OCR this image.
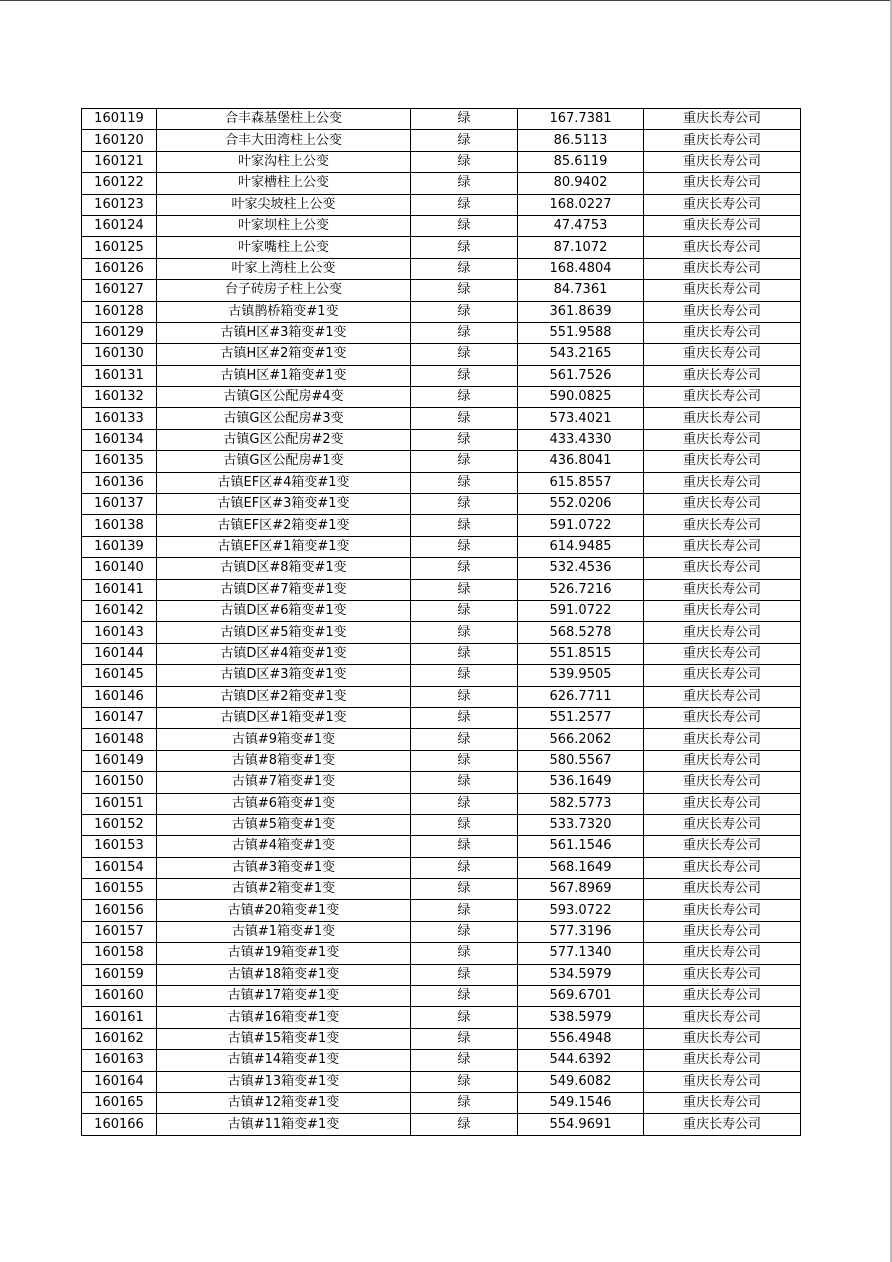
160119	合丰森基堡柱上公变	绿	167.7381	重庆长寿公司
160120	合丰大田湾柱上公变	绿	86.5113	重庆长寿公司
160121	叶家沟柱上公变	绿	85.6119	重庆长寿公司
160122	叶家槽柱上公变	绿	80.9402	重庆长寿公司
160123	叶家尖坡柱上公变	绿	168.0227	重庆长寿公司
160124	叶家坝柱上公变	绿	47.4753	重庆长寿公司
160125	叶家嘴柱上公变	绿	87.1072	重庆长寿公司
160126	叶家上湾柱上公变	绿	168.4804	重庆长寿公司
160127	台子砖房子柱上公变	绿	84.7361	重庆长寿公司
160128	古镇鹊桥箱变#1变	绿	361.8639	重庆长寿公司
160129	古镇H区#3箱变#1变	绿	551.9588	重庆长寿公司
160130	古镇H区#2箱变#1变	绿	543.2165	重庆长寿公司
160131	古镇H区#1箱变#1变	绿	561.7526	重庆长寿公司
160132	古镇G区公配房#4变	绿	590.0825	重庆长寿公司
160133	古镇G区公配房#3变	绿	573.4021	重庆长寿公司
160134	古镇G区公配房#2变	绿	433.4330	重庆长寿公司
160135	古镇G区公配房#1变	绿	436.8041	重庆长寿公司
160136	古镇EF区#4箱变#1变	绿	615.8557	重庆长寿公司
160137	古镇EF区#3箱变#1变	绿	552.0206	重庆长寿公司
160138	古镇EF区#2箱变#1变	绿	591.0722	重庆长寿公司
160139	古镇EF区#1箱变#1变	绿	614.9485	重庆长寿公司
160140	古镇D区#8箱变#1变	绿	532.4536	重庆长寿公司
160141	古镇D区#7箱变#1变	绿	526.7216	重庆长寿公司
160142	古镇D区#6箱变#1变	绿	591.0722	重庆长寿公司
160143	古镇D区#5箱变#1变	绿	568.5278	重庆长寿公司
160144	古镇D区#4箱变#1变	绿	551.8515	重庆长寿公司
160145	古镇D区#3箱变#1变	绿	539.9505	重庆长寿公司
160146	古镇D区#2箱变#1变	绿	626.7711	重庆长寿公司
160147	古镇D区#1箱变#1变	绿	551.2577	重庆长寿公司
160148	古镇#9箱变#1变	绿	566.2062	重庆长寿公司
160149	古镇#8箱变#1变	绿	580.5567	重庆长寿公司
160150	古镇#7箱变#1变	绿	536.1649	重庆长寿公司
160151	古镇#6箱变#1变	绿	582.5773	重庆长寿公司
160152	古镇#5箱变#1变	绿	533.7320	重庆长寿公司
160153	古镇#4箱变#1变	绿	561.1546	重庆长寿公司
160154	古镇#3箱变#1变	绿	568.1649	重庆长寿公司
160155	古镇#2箱变#1变	绿	567.8969	重庆长寿公司
160156	古镇#20箱变#1变	绿	593.0722	重庆长寿公司
160157	古镇#1箱变#1变	绿	577.3196	重庆长寿公司
160158	古镇#19箱变#1变	绿	577.1340	重庆长寿公司
160159	古镇#18箱变#1变	绿	534.5979	重庆长寿公司
160160	古镇#17箱变#1变	绿	569.6701	重庆长寿公司
160161	古镇#16箱变#1变	绿	538.5979	重庆长寿公司
160162	古镇#15箱变#1变	绿	556.4948	重庆长寿公司
160163	古镇#14箱变#1变	绿	544.6392	重庆长寿公司
160164	古镇#13箱变#1变	绿	549.6082	重庆长寿公司
160165	古镇#12箱变#1变	绿	549.1546	重庆长寿公司
160166	古镇#11箱变#1变	绿	554.9691	重庆长寿公司
